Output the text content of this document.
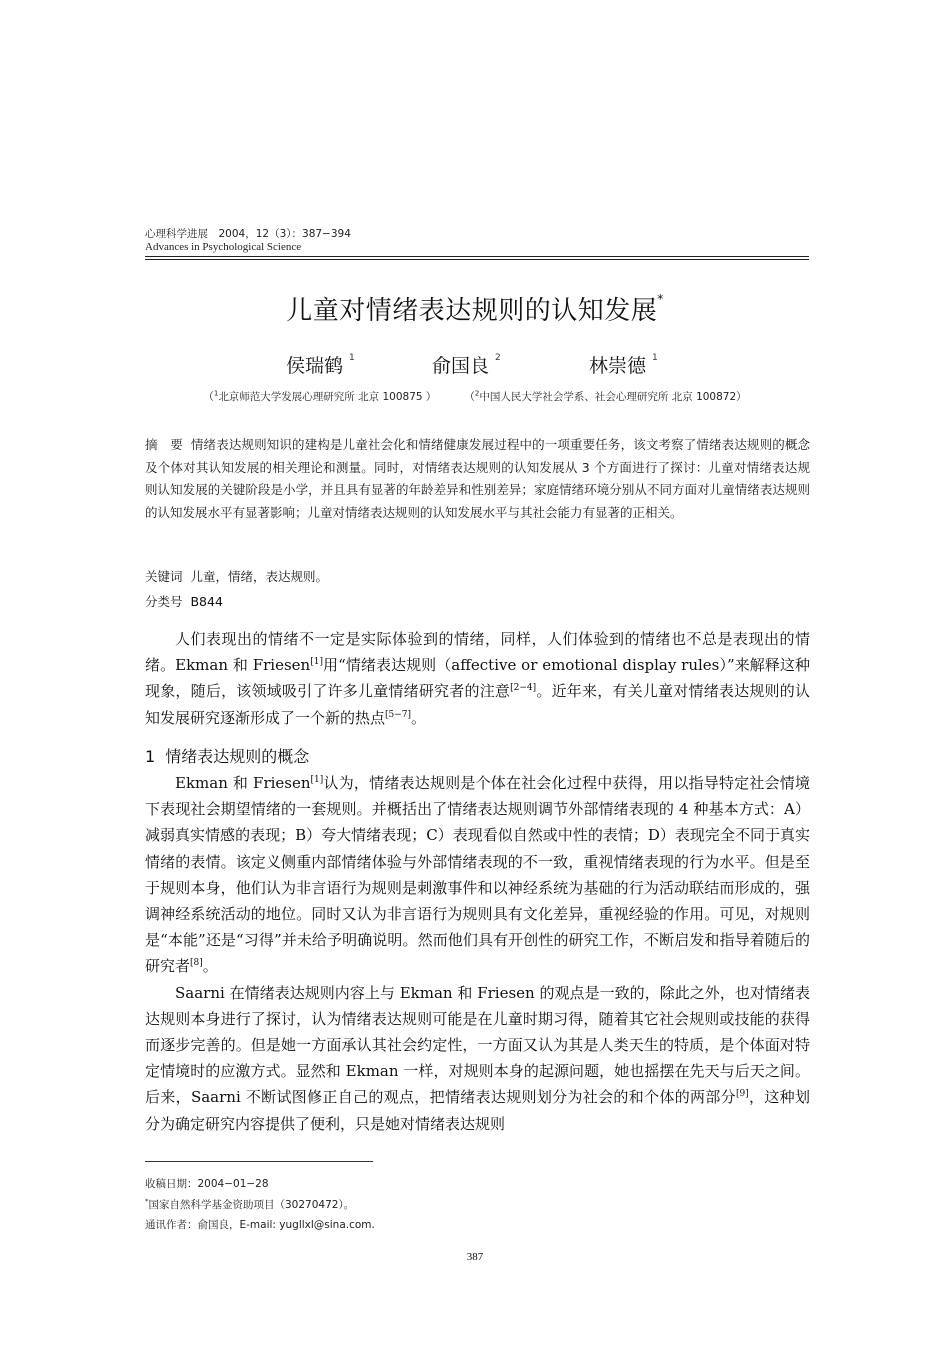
心理科学进展　2004，12（3）：387−394
Advances in Psychological Science
儿童对情绪表达规则的认知发展*
侯瑞鹤 $^1$	俞国良 $^2$	林崇德 $^1$
（$^1$北京师范大学发展心理研究所 北京 100875 ）	（$^2$中国人民大学社会学系、社会心理研究所 北京 100872）
摘　要 情绪表达规则知识的建构是儿童社会化和情绪健康发展过程中的一项重要任务，该文考察了情绪表达规则的概念及个体对其认知发展的相关理论和测量。同时，对情绪表达规则的认知发展从 3 个方面进行了探讨：儿童对情绪表达规则认知发展的关键阶段是小学，并且具有显著的年龄差异和性别差异；家庭情绪环境分别从不同方面对儿童情绪表达规则的认知发展水平有显著影响；儿童对情绪表达规则的认知发展水平与其社会能力有显著的正相关。
关键词 儿童，情绪，表达规则。
分类号 B844

人们表现出的情绪不一定是实际体验到的情绪，同样，人们体验到的情绪也不总是表现出的情绪。Ekman 和 Friesen[1]用“情绪表达规则（affective or emotional display rules）”来解释这种现象，随后，该领域吸引了许多儿童情绪研究者的注意[2−4]。近年来，有关儿童对情绪表达规则的认知发展研究逐渐形成了一个新的热点[5−7]。

1 情绪表达规则的概念

Ekman 和 Friesen[1]认为，情绪表达规则是个体在社会化过程中获得，用以指导特定社会情境下表现社会期望情绪的一套规则。并概括出了情绪表达规则调节外部情绪表现的 4 种基本方式：A）减弱真实情感的表现；B）夸大情绪表现；C）表现看似自然或中性的表情；D）表现完全不同于真实情绪的表情。该定义侧重内部情绪体验与外部情绪表现的不一致，重视情绪表现的行为水平。但是至于规则本身，他们认为非言语行为规则是刺激事件和以神经系统为基础的行为活动联结而形成的，强调神经系统活动的地位。同时又认为非言语行为规则具有文化差异，重视经验的作用。可见，对规则是“本能”还是“习得”并未给予明确说明。然而他们具有开创性的研究工作，不断启发和指导着随后的研究者[8]。

Saarni 在情绪表达规则内容上与 Ekman 和 Friesen 的观点是一致的，除此之外，也对情绪表达规则本身进行了探讨，认为情绪表达规则可能是在儿童时期习得，随着其它社会规则或技能的获得而逐步完善的。但是她一方面承认其社会约定性，一方面又认为其是人类天生的特质，是个体面对特定情境时的应激方式。显然和 Ekman 一样，对规则本身的起源问题，她也摇摆在先天与后天之间。后来，Saarni 不断试图修正自己的观点，把情绪表达规则划分为社会的和个体的两部分[9]，这种划分为确定研究内容提供了便利，只是她对情绪表达规则

收稿日期：2004−01−28
*国家自然科学基金资助项目（30270472）。
通讯作者：俞国良，E-mail: yugllxl@sina.com.
387
